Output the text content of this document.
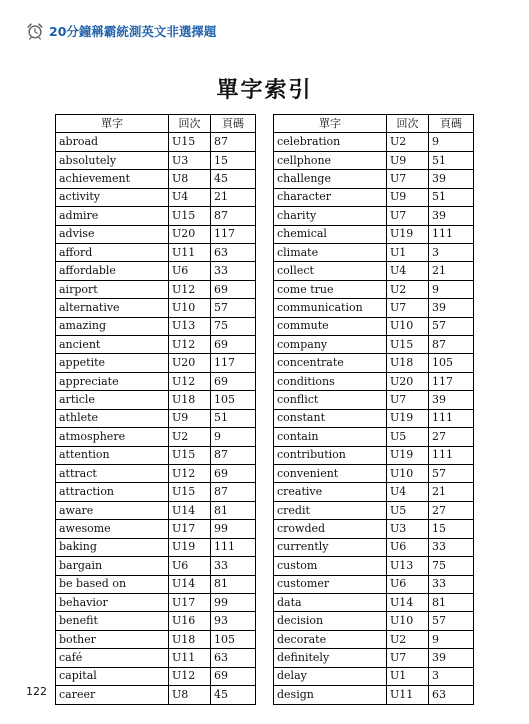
20分鐘稱霸統測英文非選擇題
單字索引
單字	回次	頁碼
abroad	U15	87
absolutely	U3	15
achievement	U8	45
activity	U4	21
admire	U15	87
advise	U20	117
afford	U11	63
affordable	U6	33
airport	U12	69
alternative	U10	57
amazing	U13	75
ancient	U12	69
appetite	U20	117
appreciate	U12	69
article	U18	105
athlete	U9	51
atmosphere	U2	9
attention	U15	87
attract	U12	69
attraction	U15	87
aware	U14	81
awesome	U17	99
baking	U19	111
bargain	U6	33
be based on	U14	81
behavior	U17	99
benefit	U16	93
bother	U18	105
café	U11	63
capital	U12	69
career	U8	45
單字	回次	頁碼
celebration	U2	9
cellphone	U9	51
challenge	U7	39
character	U9	51
charity	U7	39
chemical	U19	111
climate	U1	3
collect	U4	21
come true	U2	9
communication	U7	39
commute	U10	57
company	U15	87
concentrate	U18	105
conditions	U20	117
conflict	U7	39
constant	U19	111
contain	U5	27
contribution	U19	111
convenient	U10	57
creative	U4	21
credit	U5	27
crowded	U3	15
currently	U6	33
custom	U13	75
customer	U6	33
data	U14	81
decision	U10	57
decorate	U2	9
definitely	U7	39
delay	U1	3
design	U11	63
122
